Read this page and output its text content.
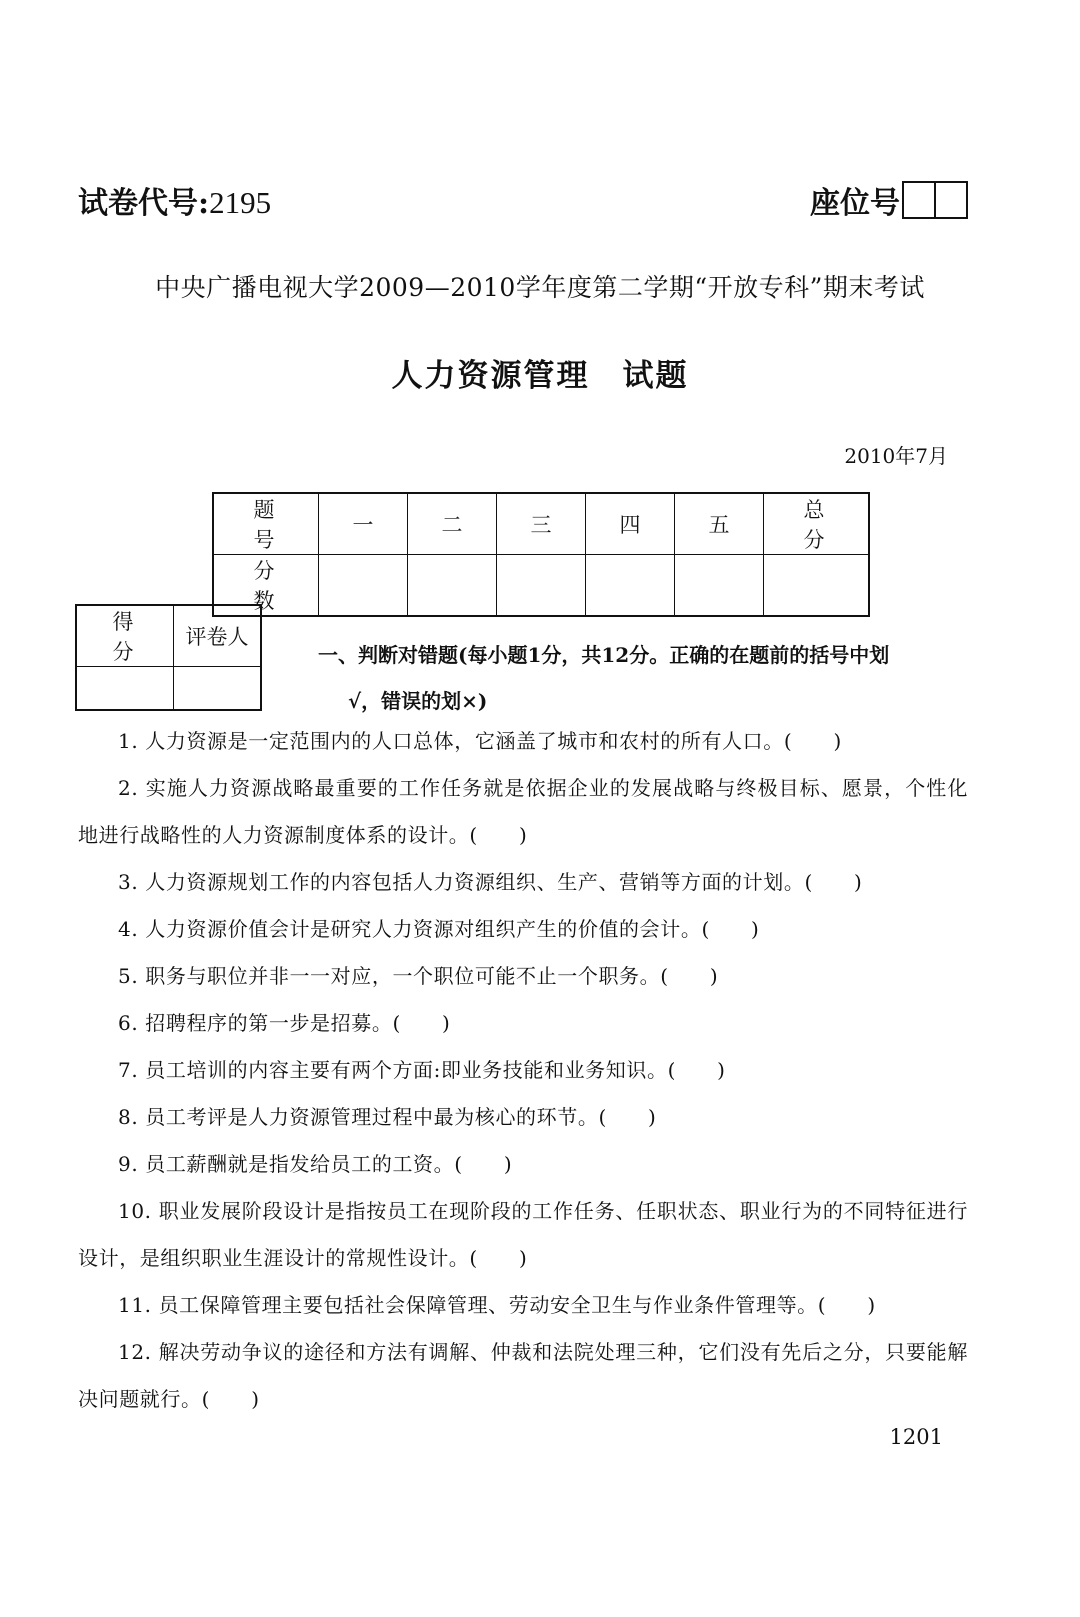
试卷代号:2195	座位号
中央广播电视大学2009—2010学年度第二学期“开放专科”期末考试
人力资源管理　试题
2010年7月
题　号	一	二	三	四	五	总　分
分　数						
得　分	评卷人

一、判断对错题(每小题1分，共12分。正确的在题前的括号中划
√，错误的划×)

1. 人力资源是一定范围内的人口总体，它涵盖了城市和农村的所有人口。(　　)

2. 实施人力资源战略最重要的工作任务就是依据企业的发展战略与终极目标、愿景，个性化地进行战略性的人力资源制度体系的设计。(　　)

3. 人力资源规划工作的内容包括人力资源组织、生产、营销等方面的计划。(　　)

4. 人力资源价值会计是研究人力资源对组织产生的价值的会计。(　　)

5. 职务与职位并非一一对应，一个职位可能不止一个职务。(　　)

6. 招聘程序的第一步是招募。(　　)

7. 员工培训的内容主要有两个方面:即业务技能和业务知识。(　　)

8. 员工考评是人力资源管理过程中最为核心的环节。(　　)

9. 员工薪酬就是指发给员工的工资。(　　)

10. 职业发展阶段设计是指按员工在现阶段的工作任务、任职状态、职业行为的不同特征进行设计，是组织职业生涯设计的常规性设计。(　　)

11. 员工保障管理主要包括社会保障管理、劳动安全卫生与作业条件管理等。(　　)

12. 解决劳动争议的途径和方法有调解、仲裁和法院处理三种，它们没有先后之分，只要能解决问题就行。(　　)

1201
